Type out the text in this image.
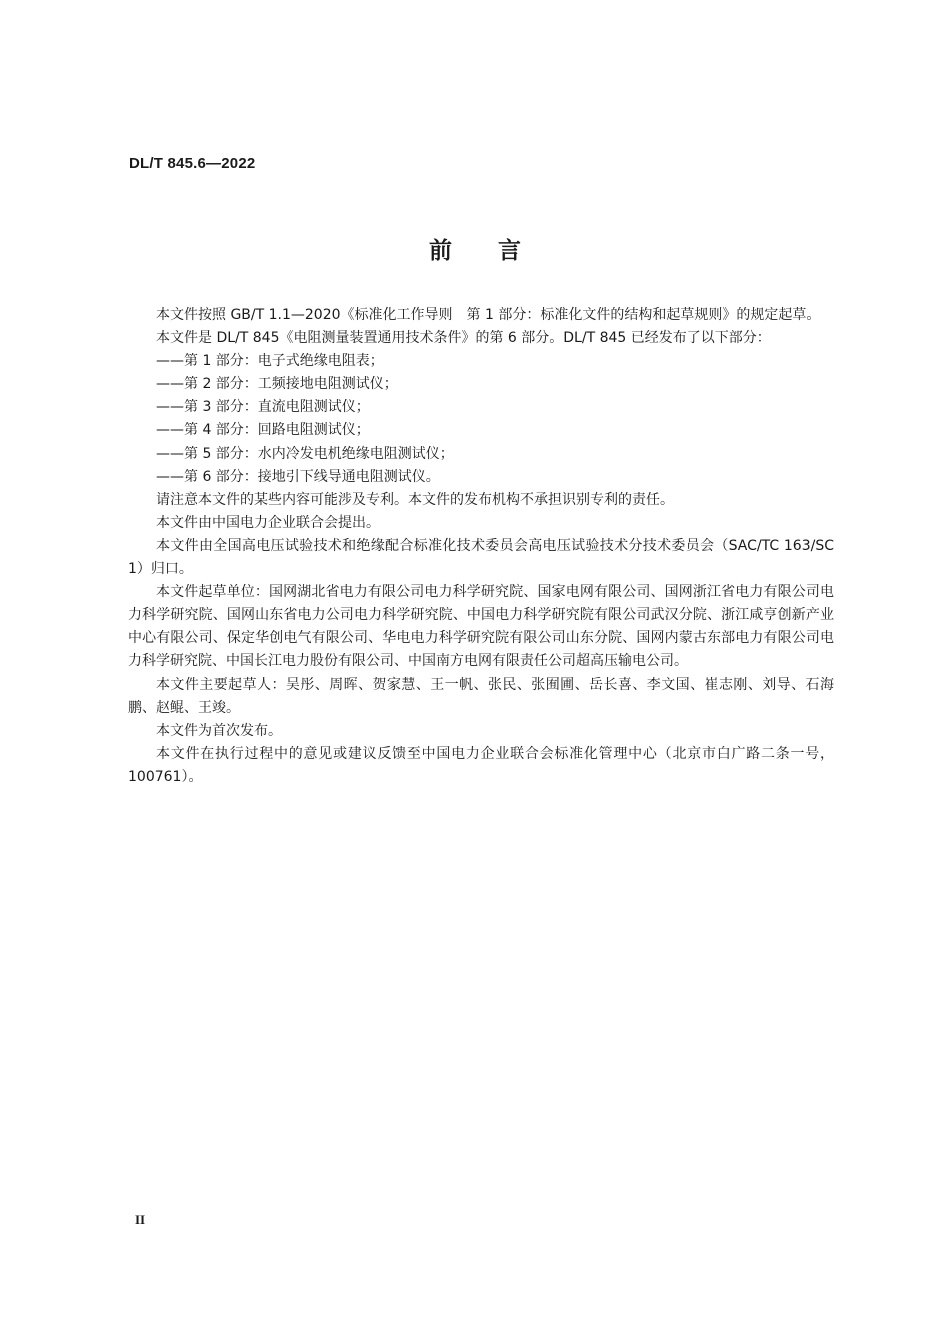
DL/T 845.6—2022
前言

本文件按照 GB/T 1.1—2020《标准化工作导则　第 1 部分：标准化文件的结构和起草规则》的规定起草。

本文件是 DL/T 845《电阻测量装置通用技术条件》的第 6 部分。DL/T 845 已经发布了以下部分：

——第 1 部分：电子式绝缘电阻表；
——第 2 部分：工频接地电阻测试仪；
——第 3 部分：直流电阻测试仪；
——第 4 部分：回路电阻测试仪；
——第 5 部分：水内冷发电机绝缘电阻测试仪；
——第 6 部分：接地引下线导通电阻测试仪。

请注意本文件的某些内容可能涉及专利。本文件的发布机构不承担识别专利的责任。

本文件由中国电力企业联合会提出。

本文件由全国高电压试验技术和绝缘配合标准化技术委员会高电压试验技术分技术委员会（SAC/TC 163/SC 1）归口。

本文件起草单位：国网湖北省电力有限公司电力科学研究院、国家电网有限公司、国网浙江省电力有限公司电力科学研究院、国网山东省电力公司电力科学研究院、中国电力科学研究院有限公司武汉分院、浙江咸亨创新产业中心有限公司、保定华创电气有限公司、华电电力科学研究院有限公司山东分院、国网内蒙古东部电力有限公司电力科学研究院、中国长江电力股份有限公司、中国南方电网有限责任公司超高压输电公司。

本文件主要起草人：吴彤、周晖、贺家慧、王一帆、张民、张囿圃、岳长喜、李文国、崔志刚、刘导、石海鹏、赵鲲、王竣。

本文件为首次发布。

本文件在执行过程中的意见或建议反馈至中国电力企业联合会标准化管理中心（北京市白广路二条一号，100761）。

II
